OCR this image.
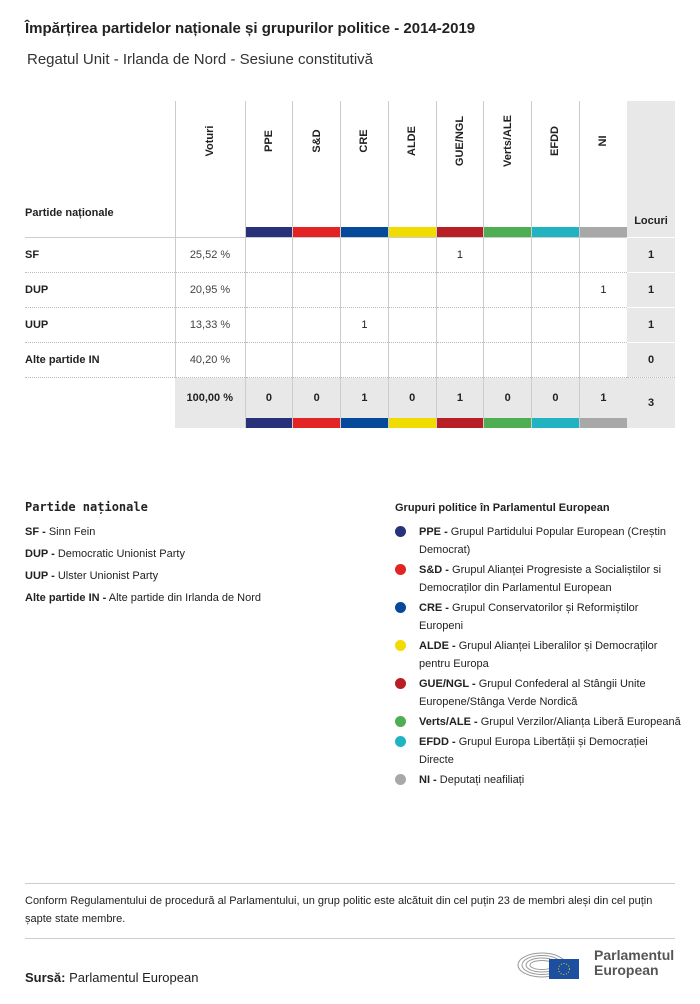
Împărțirea partidelor naționale și grupurilor politice - 2014-2019
Regatul Unit - Irlanda de Nord - Sesiune constitutivă
Partide naționale	Voturi	PPE	S&D	CRE	ALDE	GUE/NGL	Verts/ALE	EFDD	NI	Locuri
SF	25,52 %					1				1
DUP	20,95 %								1	1
UUP	13,33 %			1						1
Alte partide IN	40,20 %									0
	100,00 %	0	0	1	0	1	0	0	1	3
Partide naționale

SF - Sinn Fein

DUP - Democratic Unionist Party

UUP - Ulster Unionist Party

Alte partide IN - Alte partide din Irlanda de Nord

Grupuri politice în Parlamentul European
PPE - Grupul Partidului Popular European (Creștin Democrat)
S&D - Grupul Alianței Progresiste a Socialiștilor si Democraților din Parlamentul European
CRE - Grupul Conservatorilor și Reformiștilor Europeni
ALDE - Grupul Alianței Liberalilor și Democraților pentru Europa
GUE/NGL - Grupul Confederal al Stângii Unite Europene/Stânga Verde Nordică
Verts/ALE - Grupul Verzilor/Alianța Liberă Europeană
EFDD - Grupul Europa Libertății și Democrației Directe
NI - Deputați neafiliați
Conform Regulamentului de procedură al Parlamentului, un grup politic este alcătuit din cel puțin 23 de membri aleși din cel puțin șapte state membre.
Sursă: Parlamentul European
Parlamentul
European
